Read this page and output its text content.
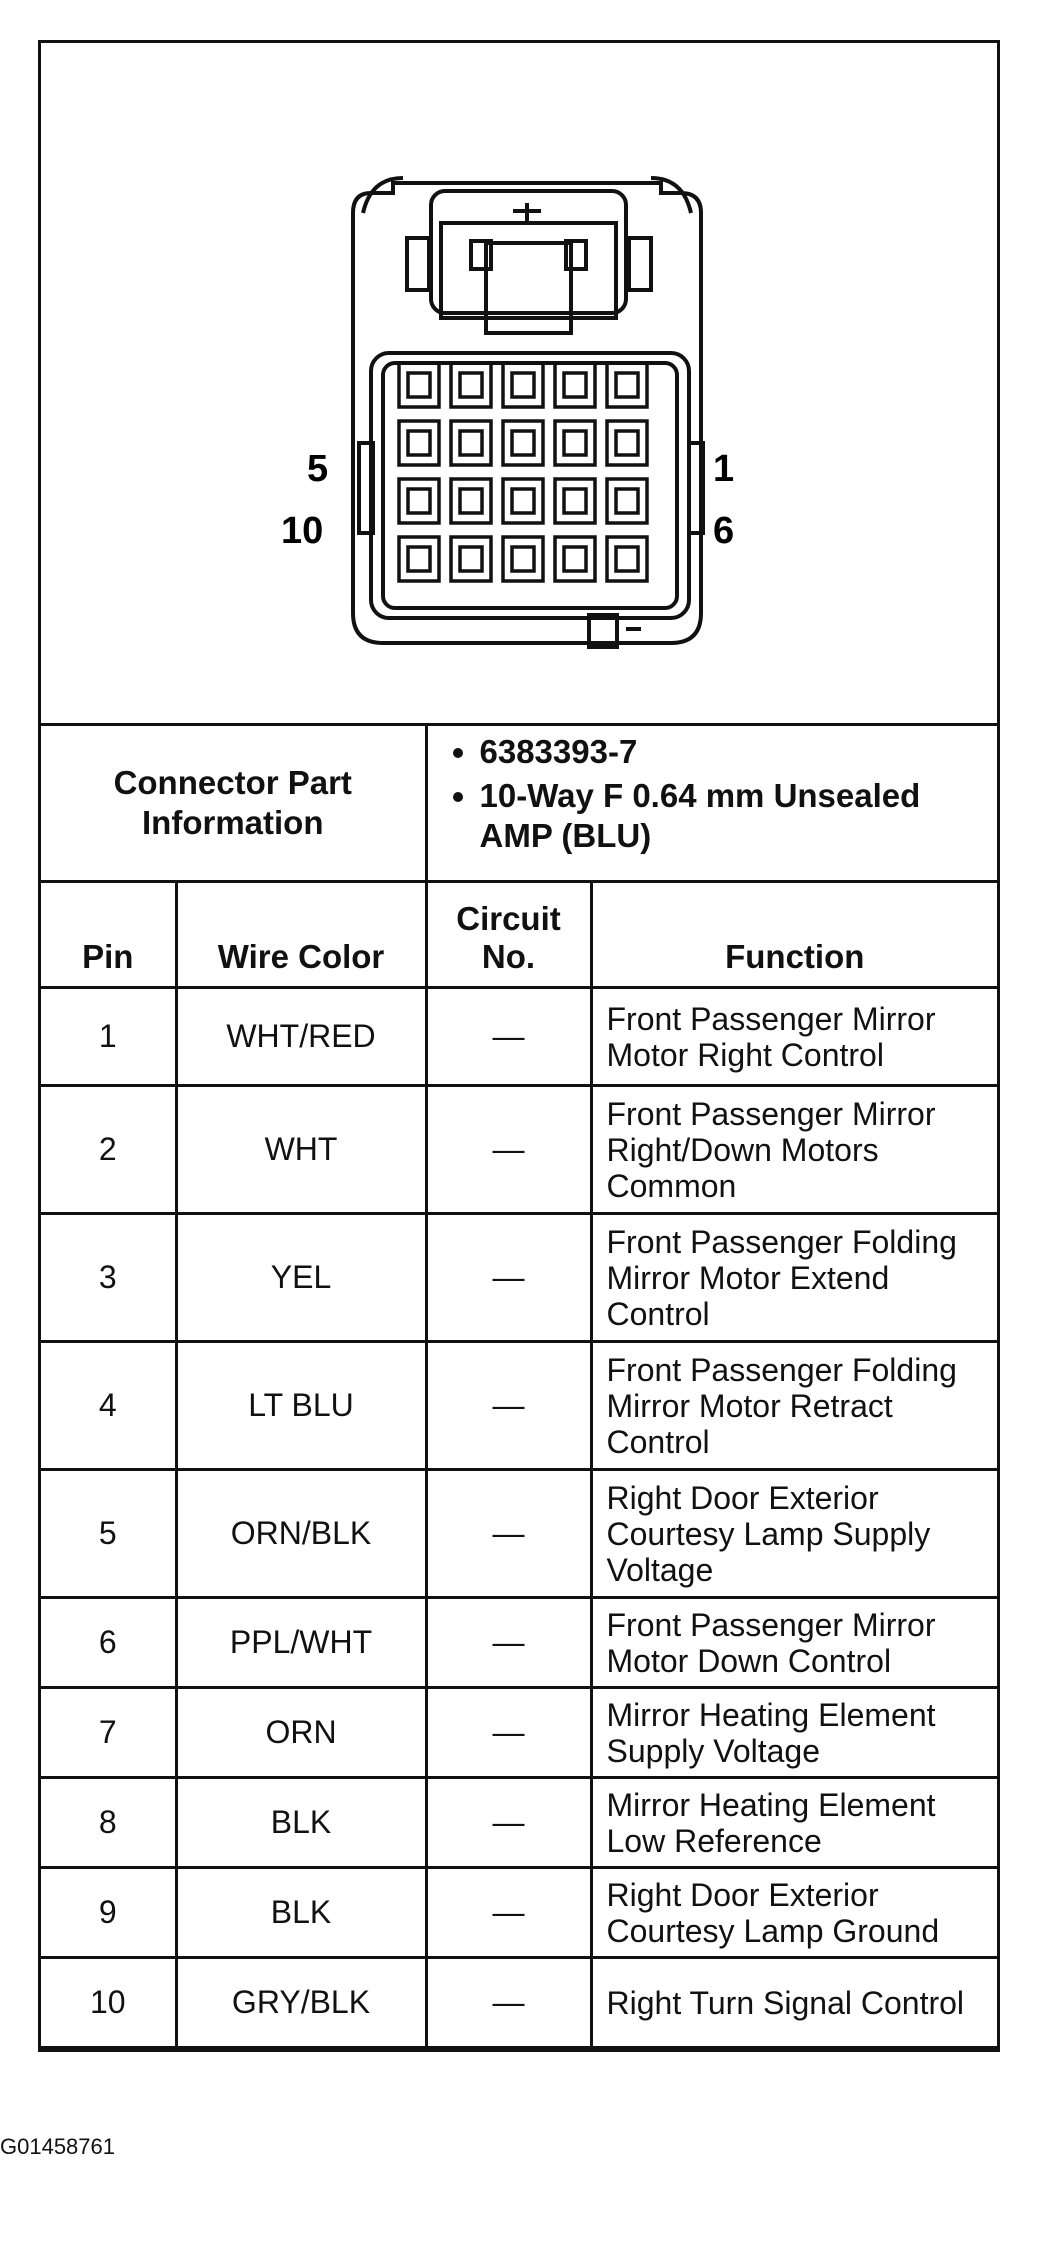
5
10
1
6
Connector Part Information	
• 6383393-7
• 10-Way F 0.64 mm Unsealed AMP (BLU)
Pin	Wire Color	Circuit No.	Function
1	WHT/RED	—	Front Passenger Mirror Motor Right Control
2	WHT	—	Front Passenger Mirror Right/Down Motors Common
3	YEL	—	Front Passenger Folding Mirror Motor Extend Control
4	LT BLU	—	Front Passenger Folding Mirror Motor Retract Control
5	ORN/BLK	—	Right Door Exterior Courtesy Lamp Supply Voltage
6	PPL/WHT	—	Front Passenger Mirror Motor Down Control
7	ORN	—	Mirror Heating Element Supply Voltage
8	BLK	—	Mirror Heating Element Low Reference
9	BLK	—	Right Door Exterior Courtesy Lamp Ground
10	GRY/BLK	—	Right Turn Signal Control
G01458761
